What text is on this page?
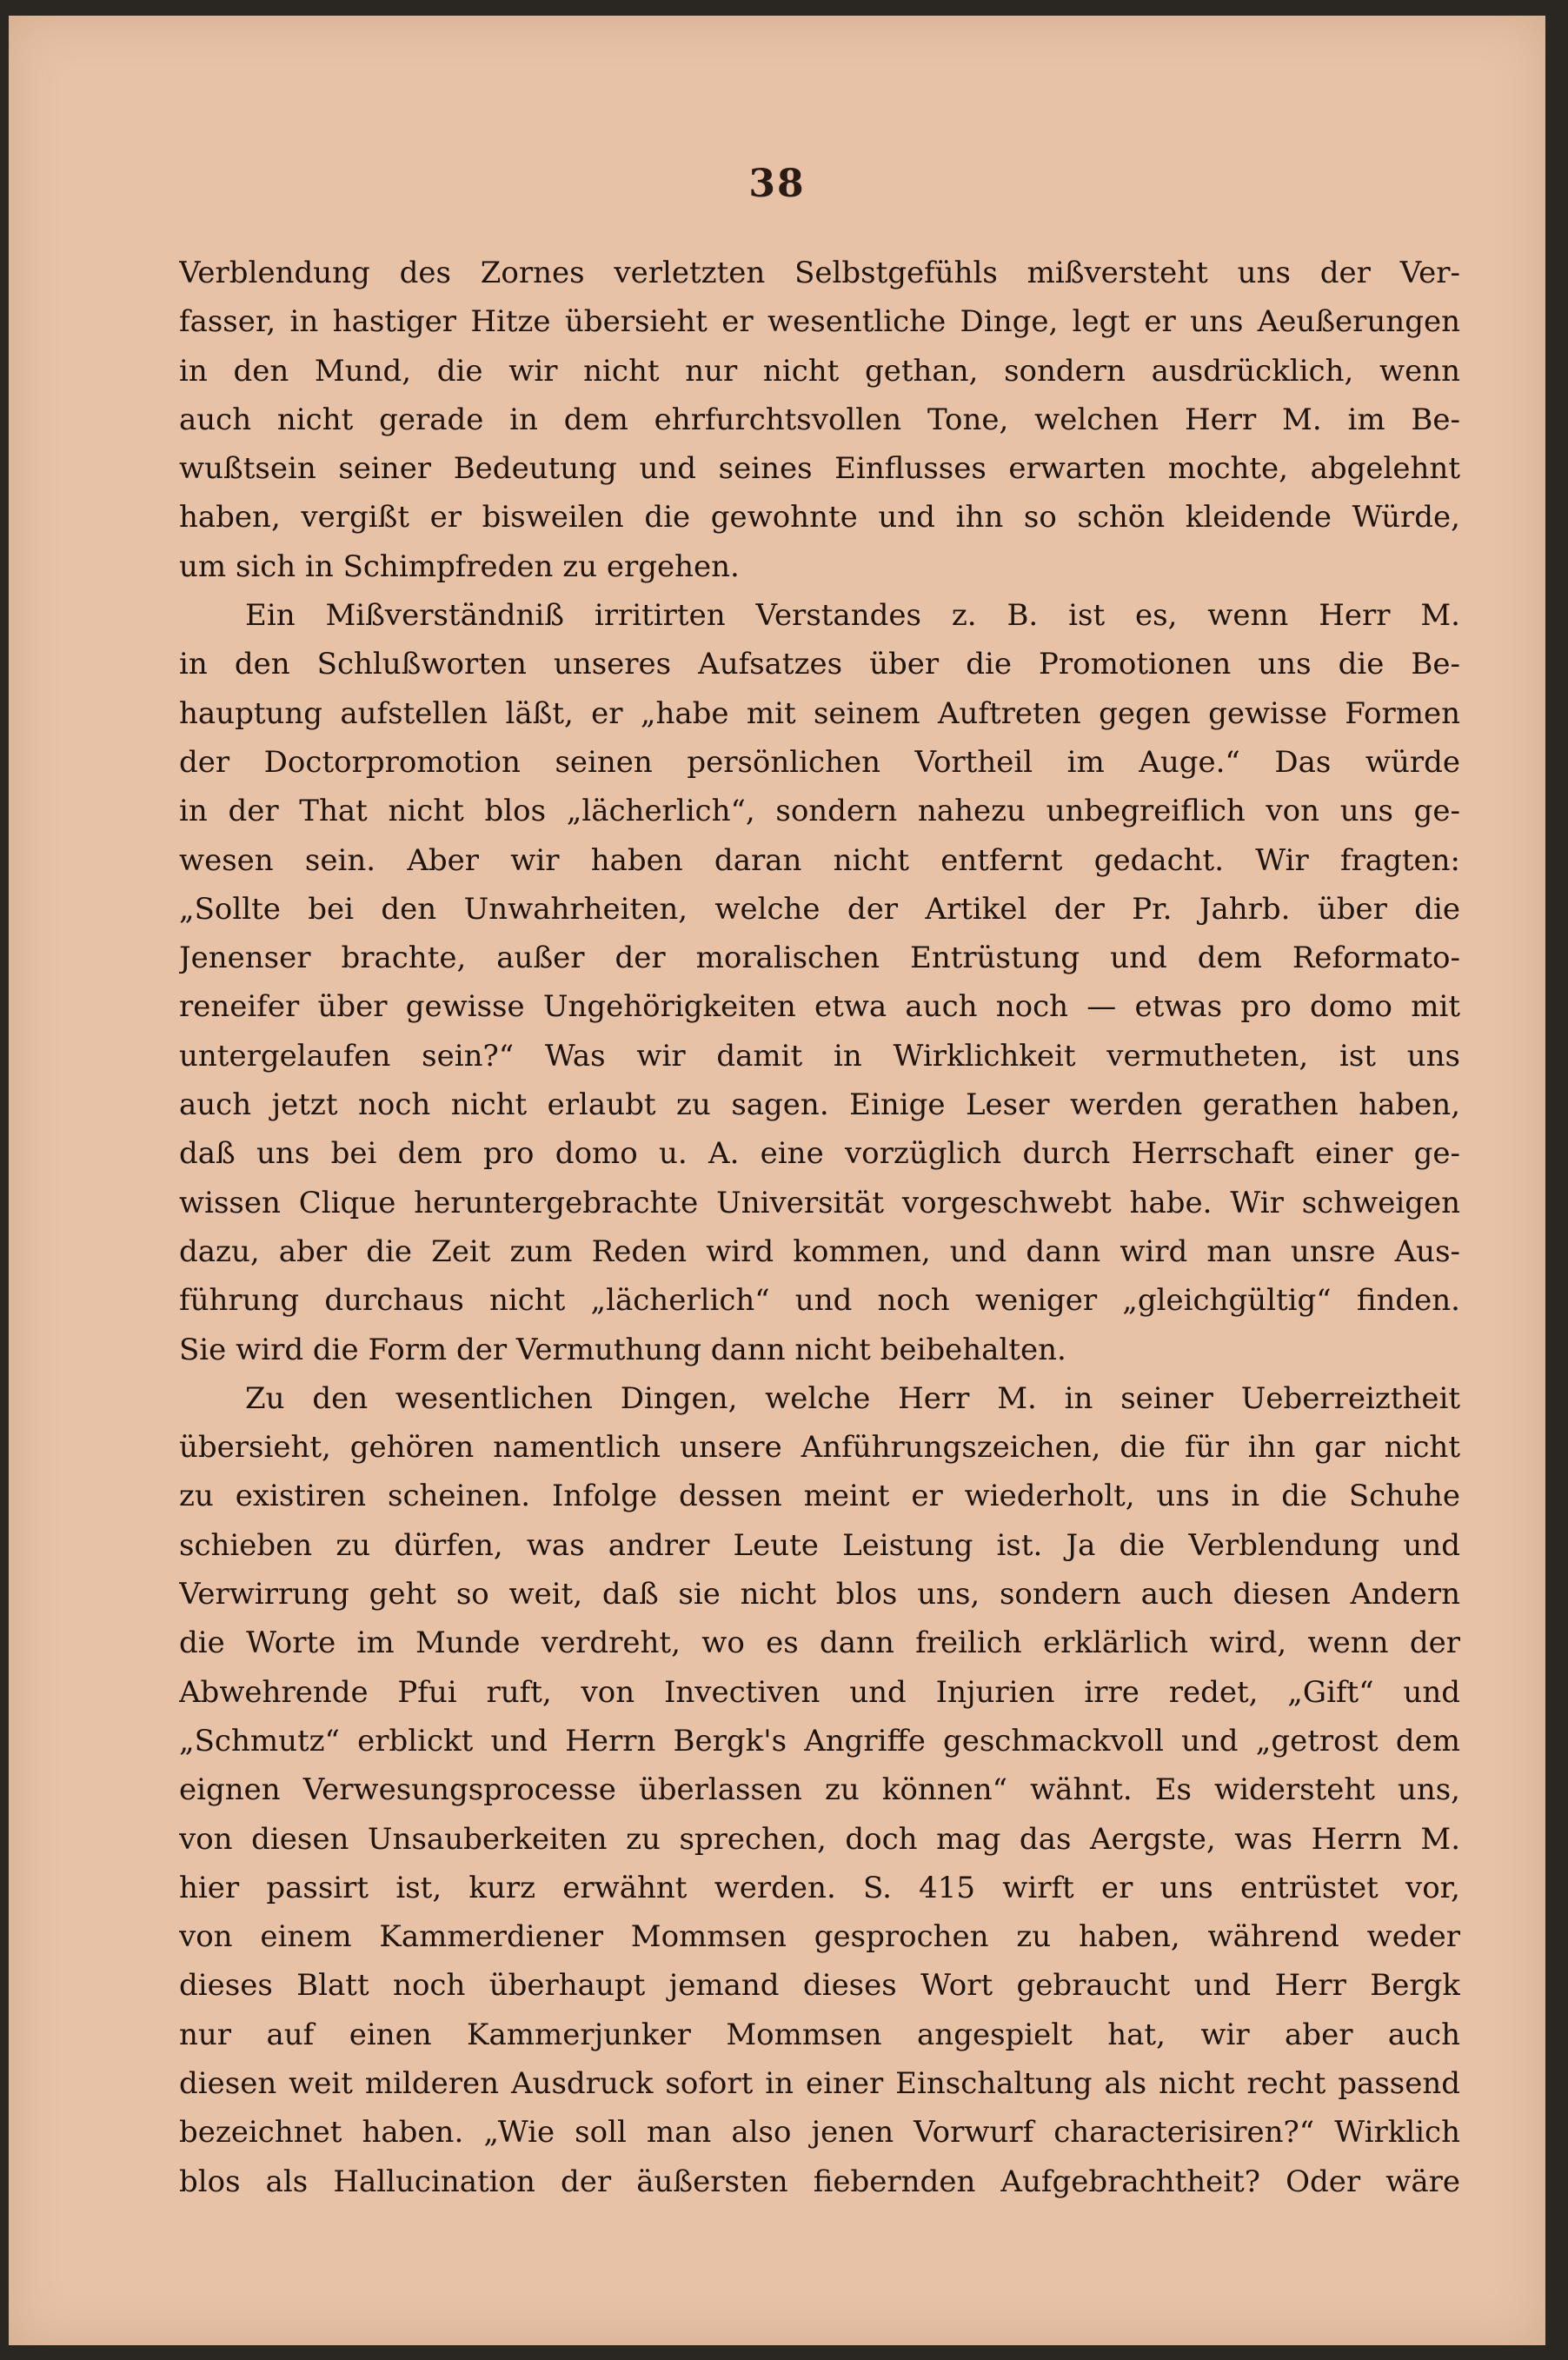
38
Verblendung des Zornes verletzten Selbstgefühls mißversteht uns der Ver-
fasser, in hastiger Hitze übersieht er wesentliche Dinge, legt er uns Aeußerungen
in den Mund, die wir nicht nur nicht gethan, sondern ausdrücklich, wenn
auch nicht gerade in dem ehrfurchtsvollen Tone, welchen Herr M. im Be-
wußtsein seiner Bedeutung und seines Einflusses erwarten mochte, abgelehnt
haben, vergißt er bisweilen die gewohnte und ihn so schön kleidende Würde,
um sich in Schimpfreden zu ergehen.
Ein Mißverständniß irritirten Verstandes z. B. ist es, wenn Herr M.
in den Schlußworten unseres Aufsatzes über die Promotionen uns die Be-
hauptung aufstellen läßt, er „habe mit seinem Auftreten gegen gewisse Formen
der Doctorpromotion seinen persönlichen Vortheil im Auge.“ Das würde
in der That nicht blos „lächerlich“, sondern nahezu unbegreiflich von uns ge-
wesen sein. Aber wir haben daran nicht entfernt gedacht. Wir fragten:
„Sollte bei den Unwahrheiten, welche der Artikel der Pr. Jahrb. über die
Jenenser brachte, außer der moralischen Entrüstung und dem Reformato-
reneifer über gewisse Ungehörigkeiten etwa auch noch — etwas pro domo mit
untergelaufen sein?“ Was wir damit in Wirklichkeit vermutheten, ist uns
auch jetzt noch nicht erlaubt zu sagen. Einige Leser werden gerathen haben,
daß uns bei dem pro domo u. A. eine vorzüglich durch Herrschaft einer ge-
wissen Clique heruntergebrachte Universität vorgeschwebt habe. Wir schweigen
dazu, aber die Zeit zum Reden wird kommen, und dann wird man unsre Aus-
führung durchaus nicht „lächerlich“ und noch weniger „gleichgültig“ finden.
Sie wird die Form der Vermuthung dann nicht beibehalten.
Zu den wesentlichen Dingen, welche Herr M. in seiner Ueberreiztheit
übersieht, gehören namentlich unsere Anführungszeichen, die für ihn gar nicht
zu existiren scheinen. Infolge dessen meint er wiederholt, uns in die Schuhe
schieben zu dürfen, was andrer Leute Leistung ist. Ja die Verblendung und
Verwirrung geht so weit, daß sie nicht blos uns, sondern auch diesen Andern
die Worte im Munde verdreht, wo es dann freilich erklärlich wird, wenn der
Abwehrende Pfui ruft, von Invectiven und Injurien irre redet, „Gift“ und
„Schmutz“ erblickt und Herrn Bergk's Angriffe geschmackvoll und „getrost dem
eignen Verwesungsprocesse überlassen zu können“ wähnt. Es widersteht uns,
von diesen Unsauberkeiten zu sprechen, doch mag das Aergste, was Herrn M.
hier passirt ist, kurz erwähnt werden. S. 415 wirft er uns entrüstet vor,
von einem Kammerdiener Mommsen gesprochen zu haben, während weder
dieses Blatt noch überhaupt jemand dieses Wort gebraucht und Herr Bergk
nur auf einen Kammerjunker Mommsen angespielt hat, wir aber auch
diesen weit milderen Ausdruck sofort in einer Einschaltung als nicht recht passend
bezeichnet haben. „Wie soll man also jenen Vorwurf characterisiren?“ Wirklich
blos als Hallucination der äußersten fiebernden Aufgebrachtheit? Oder wäre
